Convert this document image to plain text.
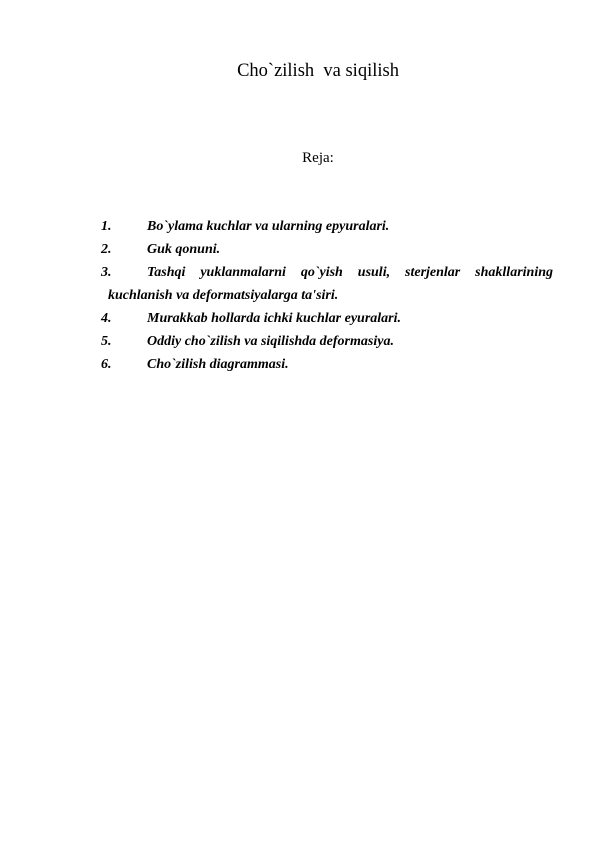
Cho`zilish  va siqilish
Reja:
1.	Bo`ylama kuchlar va ularning epyuralari.
2.	Guk qonuni.
3.	Tashqi yuklanmalarni qo`yish usuli, sterjenlar shakllarining
kuchlanish va deformatsiyalarga ta'siri.
4.	Murakkab hollarda ichki kuchlar eyuralari.
5.	Oddiy cho`zilish va siqilishda deformasiya.
6.	Cho`zilish diagrammasi.
